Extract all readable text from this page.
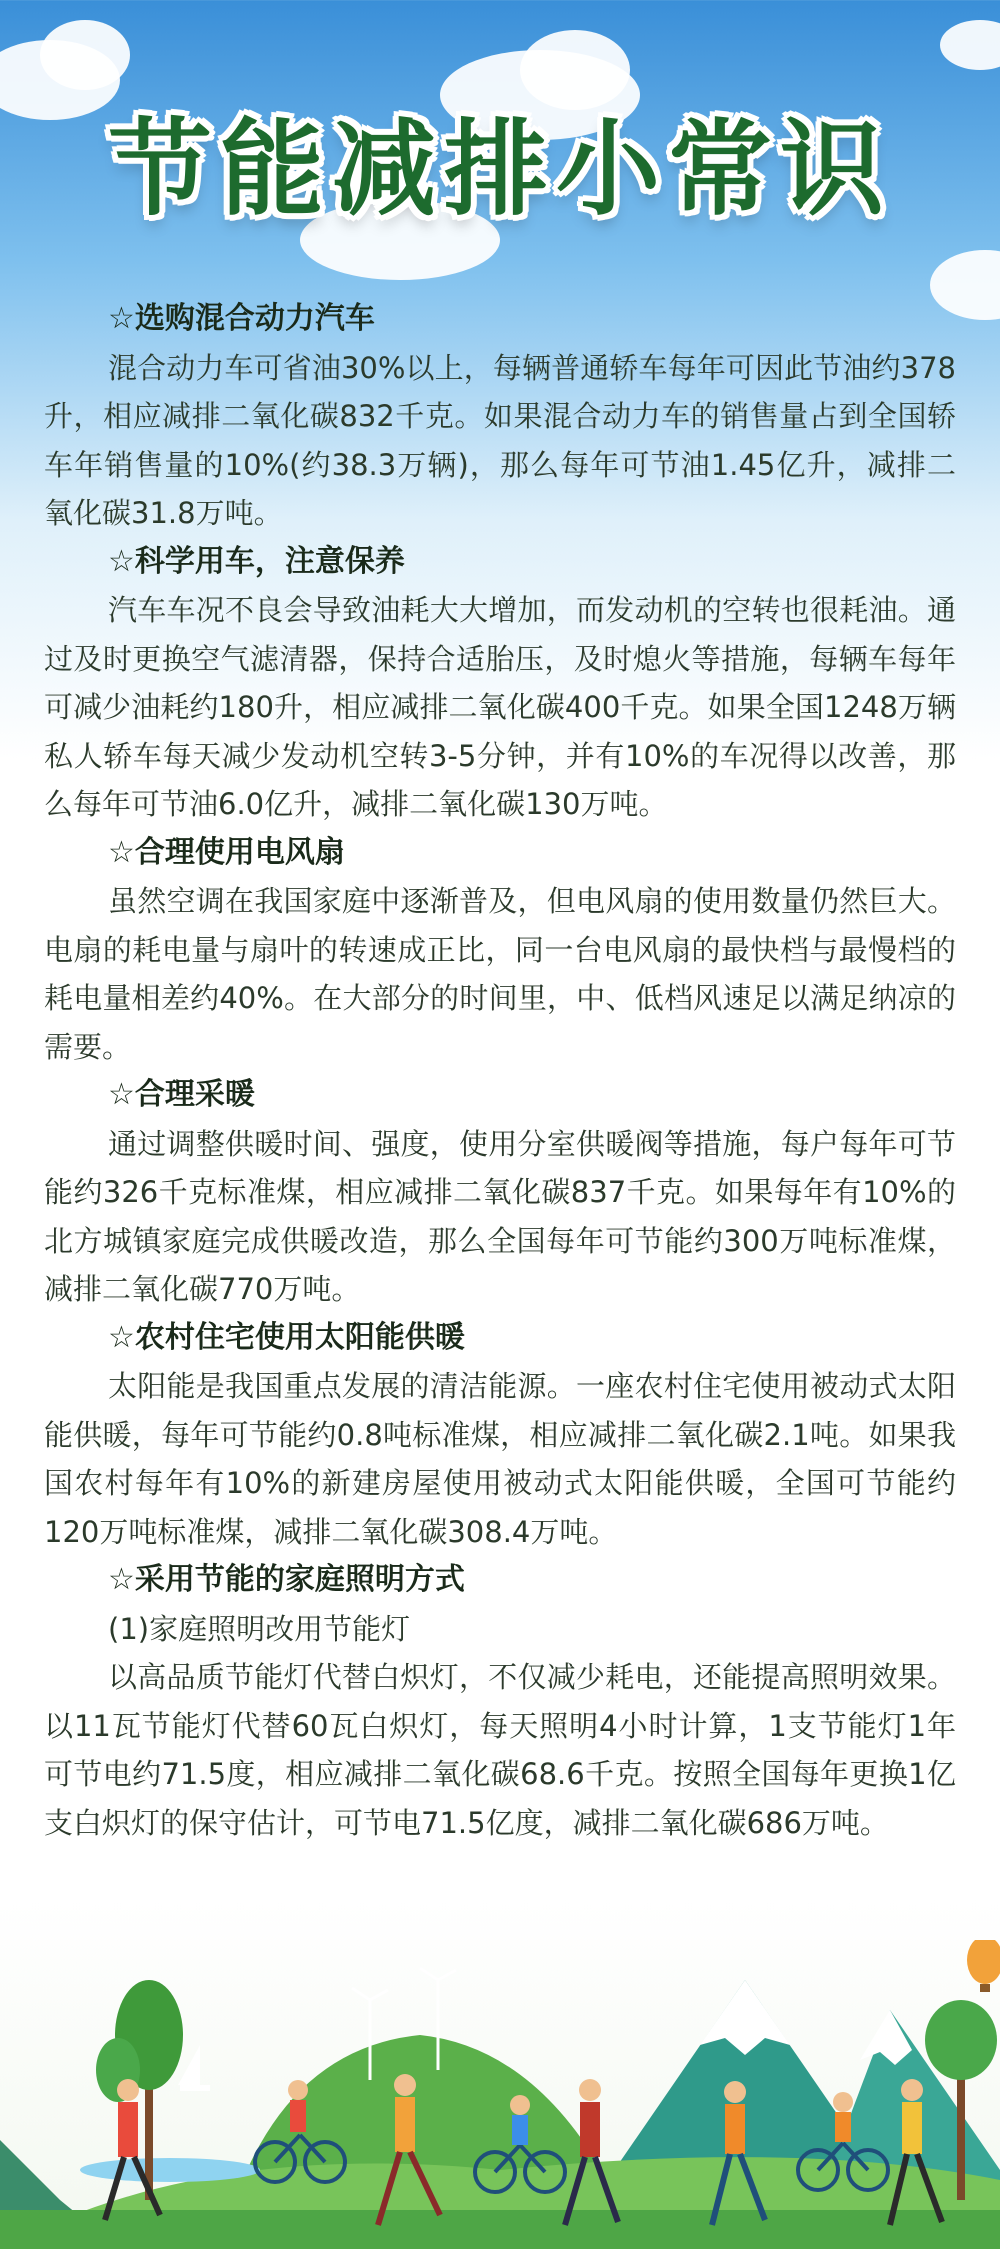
节能减排小常识
☆选购混合动力汽车

混合动力车可省油30%以上，每辆普通轿车每年可因此节油约378升，相应减排二氧化碳832千克。如果混合动力车的销售量占到全国轿车年销售量的10%(约38.3万辆)，那么每年可节油1.45亿升，减排二氧化碳31.8万吨。

☆科学用车，注意保养

汽车车况不良会导致油耗大大增加，而发动机的空转也很耗油。通过及时更换空气滤清器，保持合适胎压，及时熄火等措施，每辆车每年可减少油耗约180升，相应减排二氧化碳400千克。如果全国1248万辆私人轿车每天减少发动机空转3-5分钟，并有10%的车况得以改善，那么每年可节油6.0亿升，减排二氧化碳130万吨。

☆合理使用电风扇

虽然空调在我国家庭中逐渐普及，但电风扇的使用数量仍然巨大。电扇的耗电量与扇叶的转速成正比，同一台电风扇的最快档与最慢档的耗电量相差约40%。在大部分的时间里，中、低档风速足以满足纳凉的需要。

☆合理采暖

通过调整供暖时间、强度，使用分室供暖阀等措施，每户每年可节能约326千克标准煤，相应减排二氧化碳837千克。如果每年有10%的北方城镇家庭完成供暖改造，那么全国每年可节能约300万吨标准煤，减排二氧化碳770万吨。

☆农村住宅使用太阳能供暖

太阳能是我国重点发展的清洁能源。一座农村住宅使用被动式太阳能供暖，每年可节能约0.8吨标准煤，相应减排二氧化碳2.1吨。如果我国农村每年有10%的新建房屋使用被动式太阳能供暖，全国可节能约120万吨标准煤，减排二氧化碳308.4万吨。

☆采用节能的家庭照明方式

(1)家庭照明改用节能灯

以高品质节能灯代替白炽灯，不仅减少耗电，还能提高照明效果。以11瓦节能灯代替60瓦白炽灯，每天照明4小时计算，1支节能灯1年可节电约71.5度，相应减排二氧化碳68.6千克。按照全国每年更换1亿支白炽灯的保守估计，可节电71.5亿度，减排二氧化碳686万吨。
